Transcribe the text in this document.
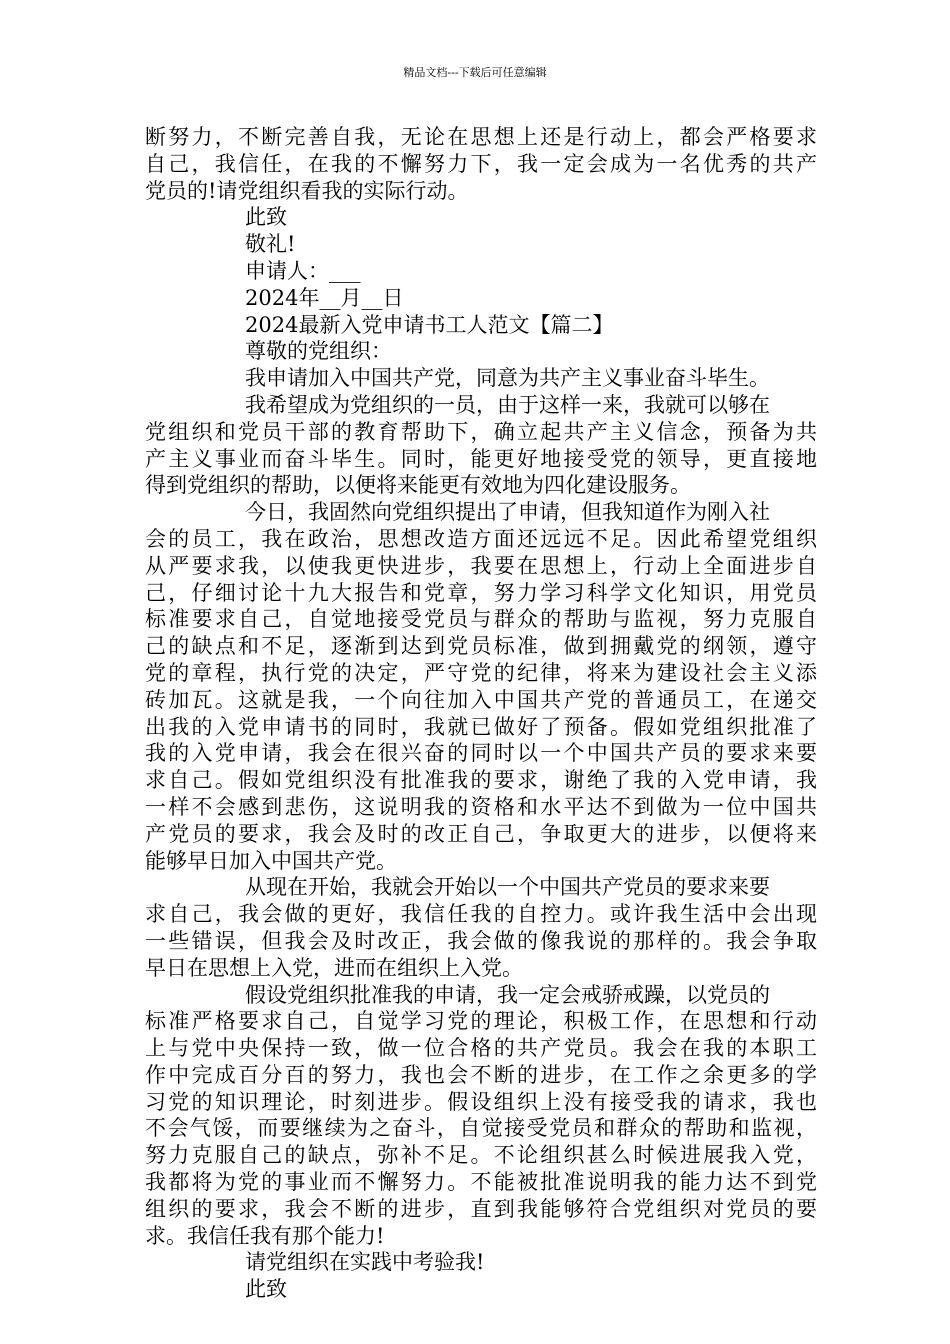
精品文档---下载后可任意编辑
断努力，不断完善自我，无论在思想上还是行动上，都会严格要求
自己，我信任，在我的不懈努力下，我一定会成为一名优秀的共产
党员的!请党组织看我的实际行动。
此致
敬礼!
申请人：___
2024年__月__日
2024最新入党申请书工人范文【篇二】
尊敬的党组织：
我申请加入中国共产党，同意为共产主义事业奋斗毕生。
我希望成为党组织的一员，由于这样一来，我就可以够在
党组织和党员干部的教育帮助下，确立起共产主义信念，预备为共
产主义事业而奋斗毕生。同时，能更好地接受党的领导，更直接地
得到党组织的帮助，以便将来能更有效地为四化建设服务。
今日，我固然向党组织提出了申请，但我知道作为刚入社
会的员工，我在政治，思想改造方面还远远不足。因此希望党组织
从严要求我，以使我更快进步，我要在思想上，行动上全面进步自
己，仔细讨论十九大报告和党章，努力学习科学文化知识，用党员
标准要求自己，自觉地接受党员与群众的帮助与监视，努力克服自
己的缺点和不足，逐渐到达到党员标准，做到拥戴党的纲领，遵守
党的章程，执行党的决定，严守党的纪律，将来为建设社会主义添
砖加瓦。这就是我，一个向往加入中国共产党的普通员工，在递交
出我的入党申请书的同时，我就已做好了预备。假如党组织批准了
我的入党申请，我会在很兴奋的同时以一个中国共产员的要求来要
求自己。假如党组织没有批准我的要求，谢绝了我的入党申请，我
一样不会感到悲伤，这说明我的资格和水平达不到做为一位中国共
产党员的要求，我会及时的改正自己，争取更大的进步，以便将来
能够早日加入中国共产党。
从现在开始，我就会开始以一个中国共产党员的要求来要
求自己，我会做的更好，我信任我的自控力。或许我生活中会出现
一些错误，但我会及时改正，我会做的像我说的那样的。我会争取
早日在思想上入党，进而在组织上入党。
假设党组织批准我的申请，我一定会戒骄戒躁，以党员的
标准严格要求自己，自觉学习党的理论，积极工作，在思想和行动
上与党中央保持一致，做一位合格的共产党员。我会在我的本职工
作中完成百分百的努力，我也会不断的进步，在工作之余更多的学
习党的知识理论，时刻进步。假设组织上没有接受我的请求，我也
不会气馁，而要继续为之奋斗，自觉接受党员和群众的帮助和监视，
努力克服自己的缺点，弥补不足。不论组织甚么时候进展我入党，
我都将为党的事业而不懈努力。不能被批准说明我的能力达不到党
组织的要求，我会不断的进步，直到我能够符合党组织对党员的要
求。我信任我有那个能力!
请党组织在实践中考验我!
此致
